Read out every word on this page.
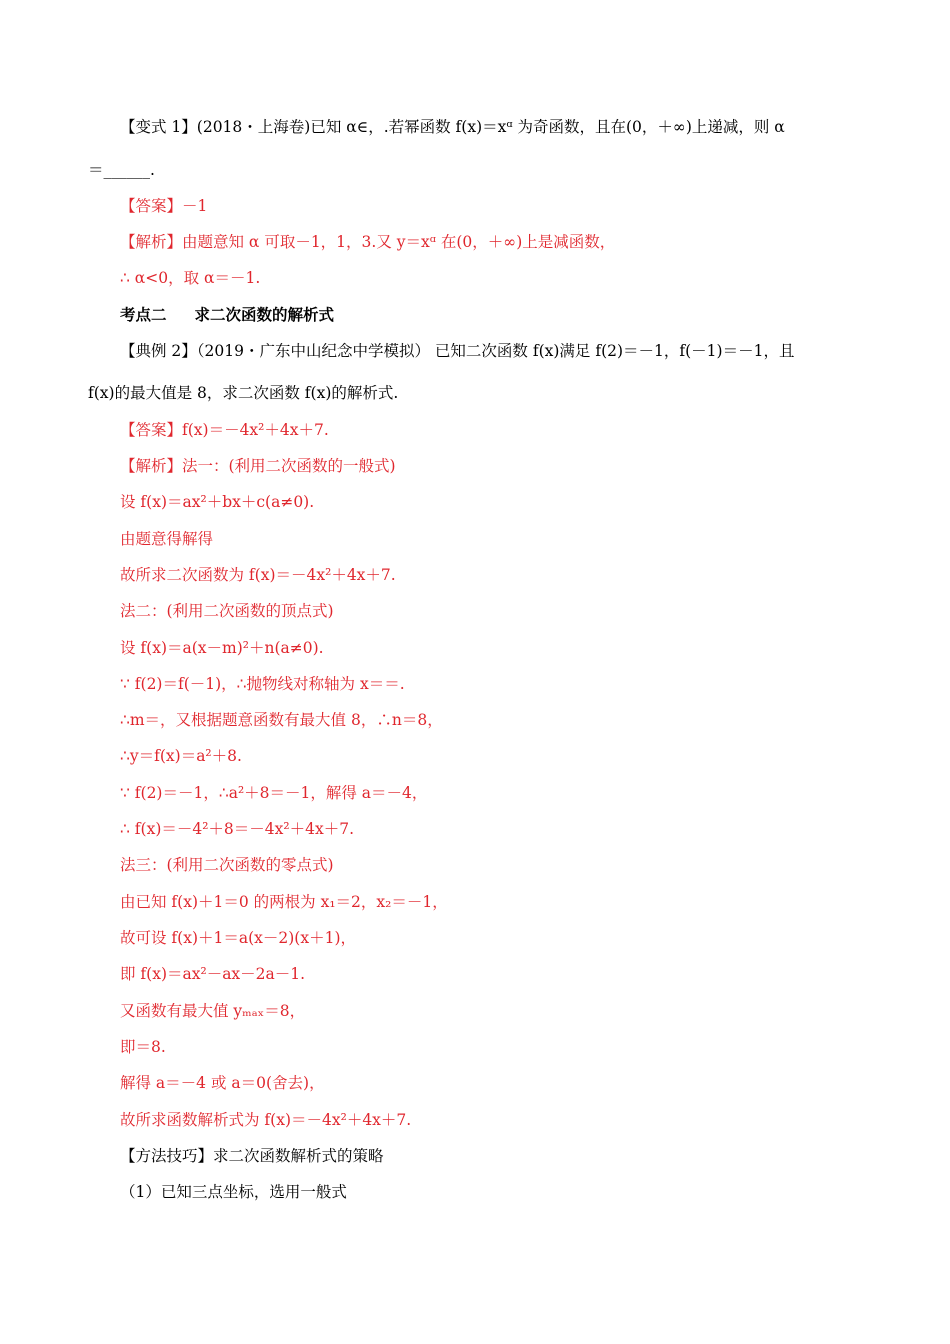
【变式 1】(2018・上海卷)已知 α∈，.若幂函数 f(x)＝xᵅ 为奇函数，且在(0，＋∞)上递减，则 α

＝______.

【答案】－1

【解析】由题意知 α 可取－1，1，3.又 y＝xᵅ 在(0，＋∞)上是减函数，

∴ α<0，取 α＝－1.

考点二 求二次函数的解析式

【典例 2】（2019・广东中山纪念中学模拟） 已知二次函数 f(x)满足 f(2)＝－1，f(－1)＝－1，且

f(x)的最大值是 8，求二次函数 f(x)的解析式.

【答案】f(x)＝－4x²＋4x＋7.

【解析】法一：(利用二次函数的一般式)

设 f(x)＝ax²＋bx＋c(a≠0).

由题意得解得

故所求二次函数为 f(x)＝－4x²＋4x＋7.

法二：(利用二次函数的顶点式)

设 f(x)＝a(x－m)²＋n(a≠0).

∵ f(2)＝f(－1)，∴抛物线对称轴为 x＝＝.

∴m＝，又根据题意函数有最大值 8，∴n＝8，

∴y＝f(x)＝a²＋8.

∵ f(2)＝－1，∴a²＋8＝－1，解得 a＝－4，

∴ f(x)＝－4²＋8＝－4x²＋4x＋7.

法三：(利用二次函数的零点式)

由已知 f(x)＋1＝0 的两根为 x₁＝2，x₂＝－1，

故可设 f(x)＋1＝a(x－2)(x＋1)，

即 f(x)＝ax²－ax－2a－1.

又函数有最大值 yₘₐₓ＝8，

即＝8.

解得 a＝－4 或 a＝0(舍去)，

故所求函数解析式为 f(x)＝－4x²＋4x＋7.

【方法技巧】求二次函数解析式的策略

（1）已知三点坐标，选用一般式
